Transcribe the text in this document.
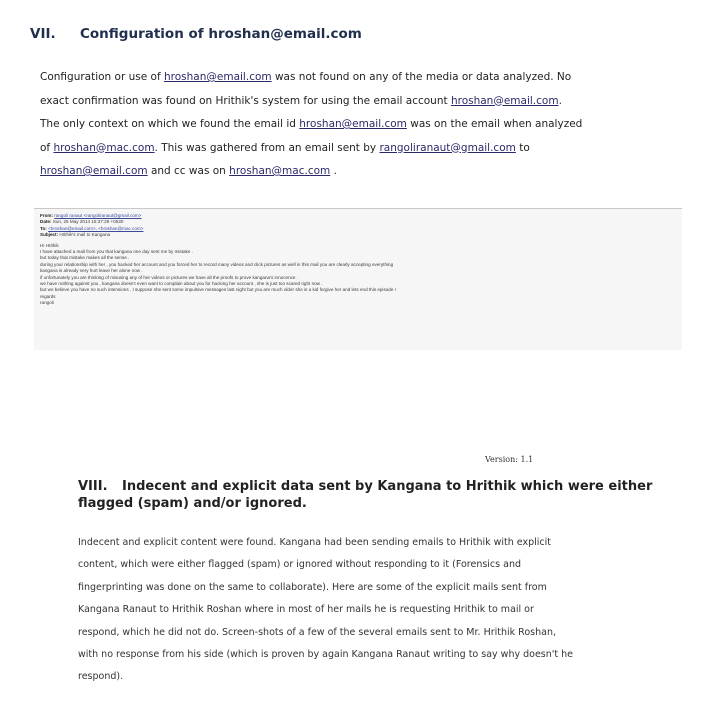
VII. Configuration of hroshan@email.com
Configuration or use of hroshan@email.com was not found on any of the media or data analyzed. No
exact confirmation was found on Hrithik's system for using the email account hroshan@email.com.
The only context on which we found the email id hroshan@email.com was on the email when analyzed
of hroshan@mac.com. This was gathered from an email sent by rangoliranaut@gmail.com to
hroshan@email.com and cc was on hroshan@mac.com .
From: rangoli ranaut <rangoliranaut@gmail.com>
Date: Sun, 25 May 2014 15:37:29 +0530
To: <hroshan@email.com>, <hroshan@mac.com>
Subject: Hrithik's mail to Kangana
Hi Hrithik
I have attached a mail from you that kangana one day sent me by mistake .
but today that mistake makes all the sense .
during your relationship with her , you hacked her account and you forced her to record many videos and click pictures as well in this mail you are clearly accepting everything
kangana is already very hurt leave her alone now .
if unfortunately you are thinking of misusing any of her videos or pictures we have all the proofs to prove kangana's innocence .
we have nothing against you , kangana doesn't even want to complain about you for hacking her account , she is just too scared right now .
but we believe you have no such intensions , I suppose she sent some impulsive messages last night but you are much older she is a kid forgive her and lets end this episode !
regards
rangoli
Version: 1.1
VIII. Indecent and explicit data sent by Kangana to Hrithik which were either
flagged (spam) and/or ignored.
Indecent and explicit content were found. Kangana had been sending emails to Hrithik with explicit
content, which were either flagged (spam) or ignored without responding to it (Forensics and
fingerprinting was done on the same to collaborate). Here are some of the explicit mails sent from
Kangana Ranaut to Hrithik Roshan where in most of her mails he is requesting Hrithik to mail or
respond, which he did not do. Screen-shots of a few of the several emails sent to Mr. Hrithik Roshan,
with no response from his side (which is proven by again Kangana Ranaut writing to say why doesn't he
respond).
